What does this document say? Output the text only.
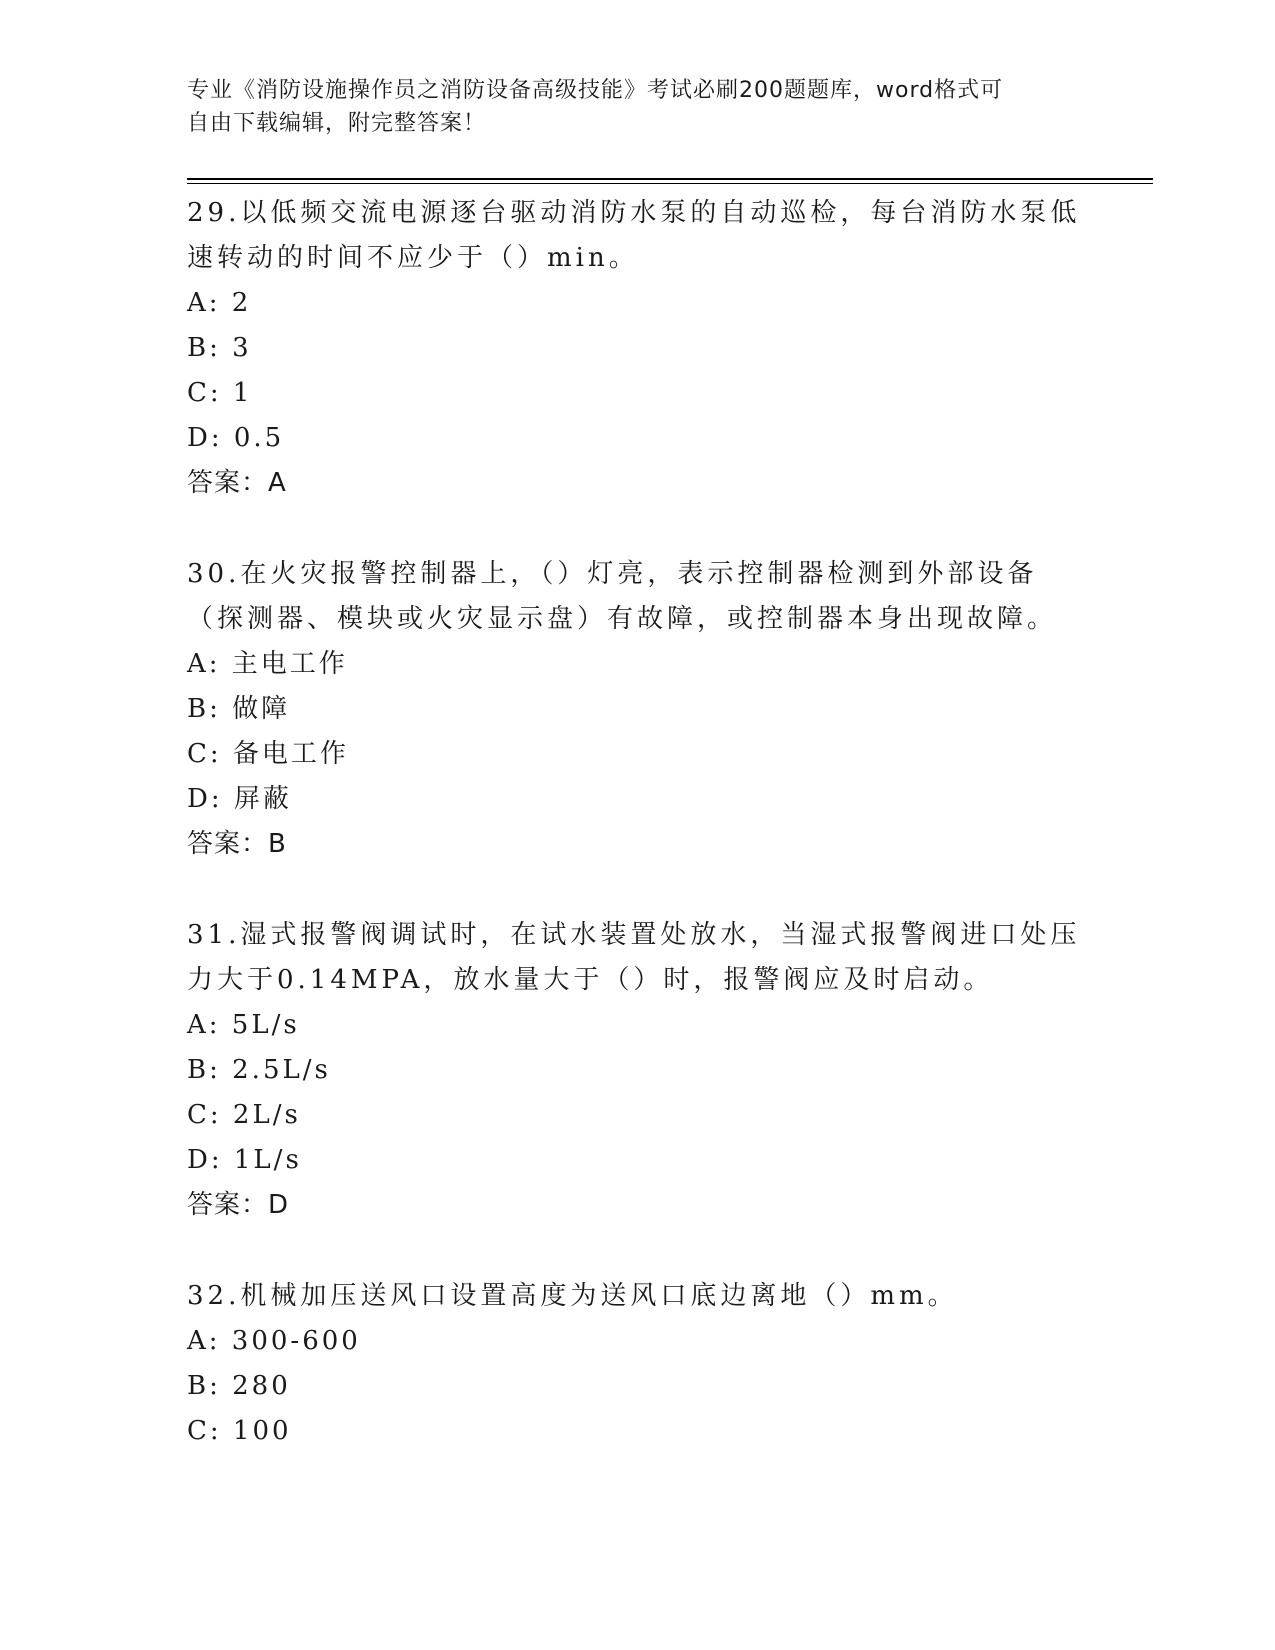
专业《消防设施操作员之消防设备高级技能》考试必刷200题题库，word格式可
自由下载编辑，附完整答案！

29.以低频交流电源逐台驱动消防水泵的自动巡检，每台消防水泵低速转动的时间不应少于（）min。

A: 2

B: 3

C: 1

D: 0.5

答案：A

30.在火灾报警控制器上，（）灯亮，表示控制器检测到外部设备（探测器、模块或火灾显示盘）有故障，或控制器本身出现故障。

A: 主电工作

B: 做障

C: 备电工作

D: 屏蔽

答案：B

31.湿式报警阀调试时，在试水装置处放水，当湿式报警阀进口处压力大于0.14MPA，放水量大于（）时，报警阀应及时启动。

A: 5L/s

B: 2.5L/s

C: 2L/s

D: 1L/s

答案：D

32.机械加压送风口设置高度为送风口底边离地（）mm。

A: 300-600

B: 280

C: 100
